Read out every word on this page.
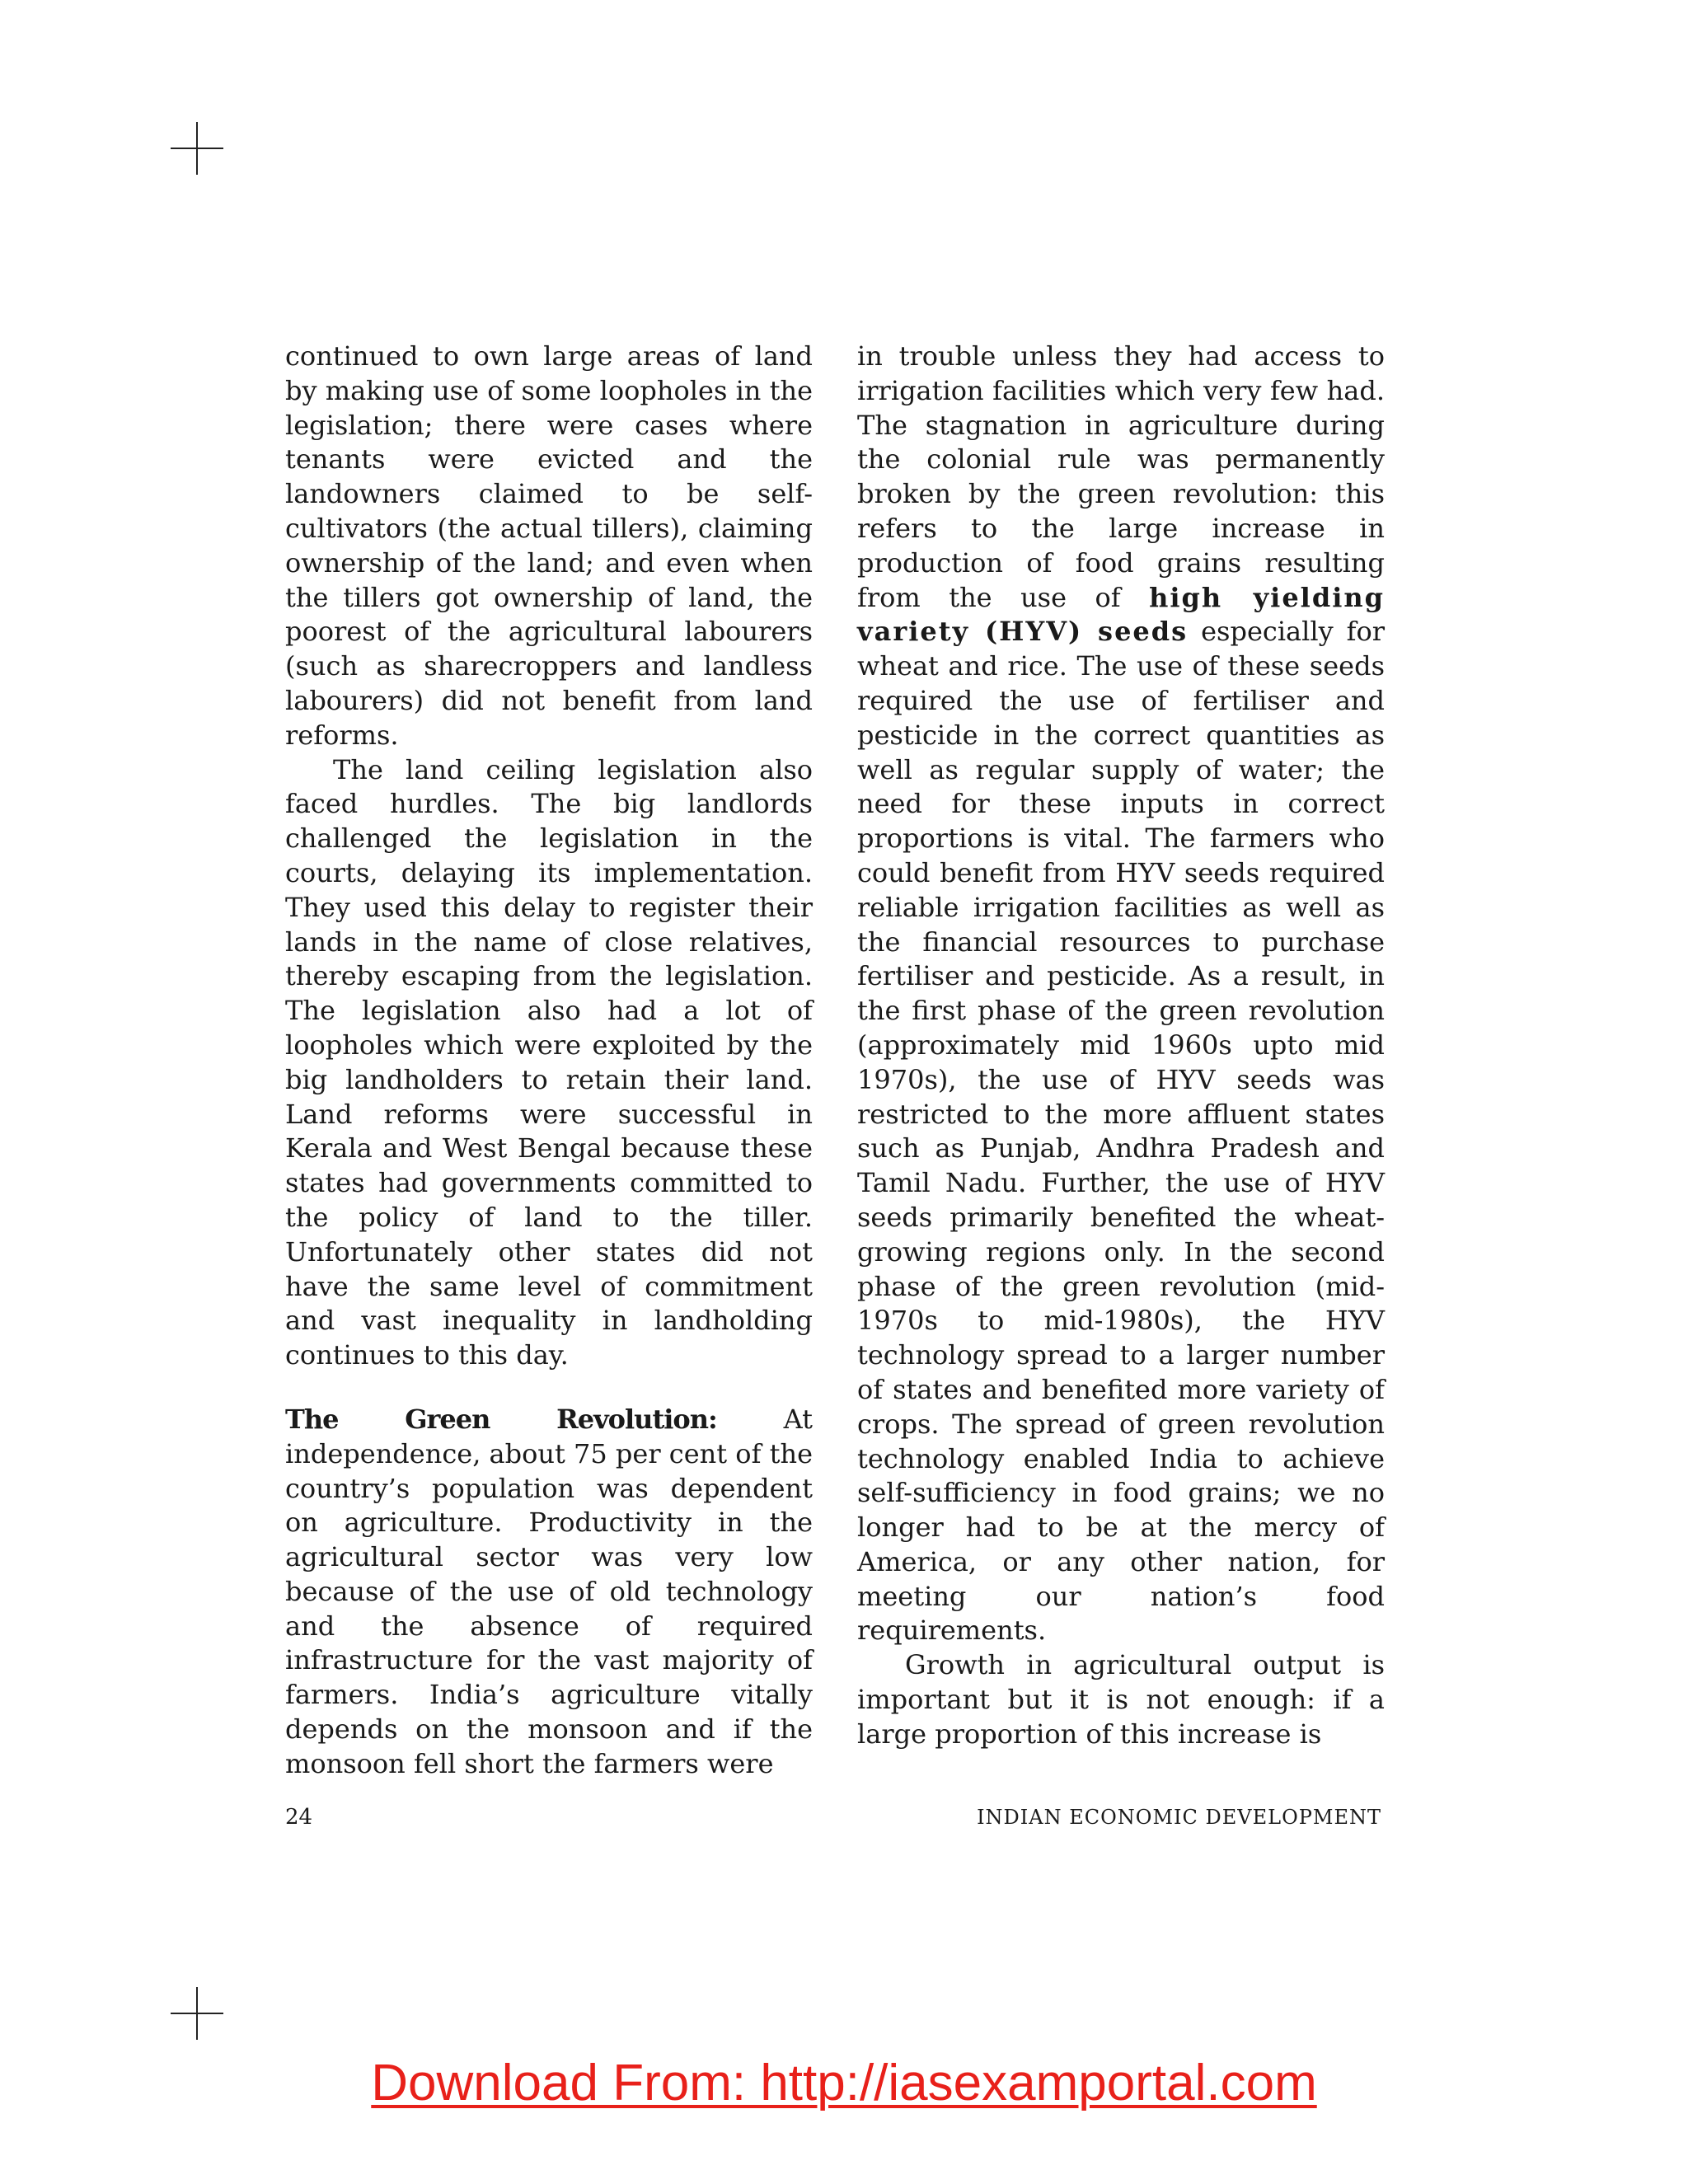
continued to own large areas of land by making use of some loopholes in the legislation; there were cases where tenants were evicted and the landowners claimed to be self-cultivators (the actual tillers), claiming ownership of the land; and even when the tillers got ownership of land, the poorest of the agricultural labourers (such as sharecroppers and landless labourers) did not benefit from land reforms.

The land ceiling legislation also faced hurdles. The big landlords challenged the legislation in the courts, delaying its implementation. They used this delay to register their lands in the name of close relatives, thereby escaping from the legislation. The legislation also had a lot of loopholes which were exploited by the big landholders to retain their land. Land reforms were successful in Kerala and West Bengal because these states had governments committed to the policy of land to the tiller. Unfortunately other states did not have the same level of commitment and vast inequality in landholding continues to this day.

The Green Revolution: At independence, about 75 per cent of the country’s population was dependent on agriculture. Productivity in the agricultural sector was very low because of the use of old technology and the absence of required infrastructure for the vast majority of farmers. India’s agriculture vitally depends on the monsoon and if the monsoon fell short the farmers were

in trouble unless they had access to irrigation facilities which very few had. The stagnation in agriculture during the colonial rule was permanently broken by the green revolution: this refers to the large increase in production of food grains resulting from the use of high yielding variety (HYV) seeds especially for wheat and rice. The use of these seeds required the use of fertiliser and pesticide in the correct quantities as well as regular supply of water; the need for these inputs in correct proportions is vital. The farmers who could benefit from HYV seeds required reliable irrigation facilities as well as the financial resources to purchase fertiliser and pesticide. As a result, in the first phase of the green revolution (approximately mid 1960s upto mid 1970s), the use of HYV seeds was restricted to the more affluent states such as Punjab, Andhra Pradesh and Tamil Nadu. Further, the use of HYV seeds primarily benefited the wheat-growing regions only. In the second phase of the green revolution (mid-1970s to mid-1980s), the HYV technology spread to a larger number of states and benefited more variety of crops. The spread of green revolution technology enabled India to achieve self-sufficiency in food grains; we no longer had to be at the mercy of America, or any other nation, for meeting our nation’s food requirements.

Growth in agricultural output is important but it is not enough: if a large proportion of this increase is

24	INDIAN ECONOMIC DEVELOPMENT
Download From: http://iasexamportal.com
